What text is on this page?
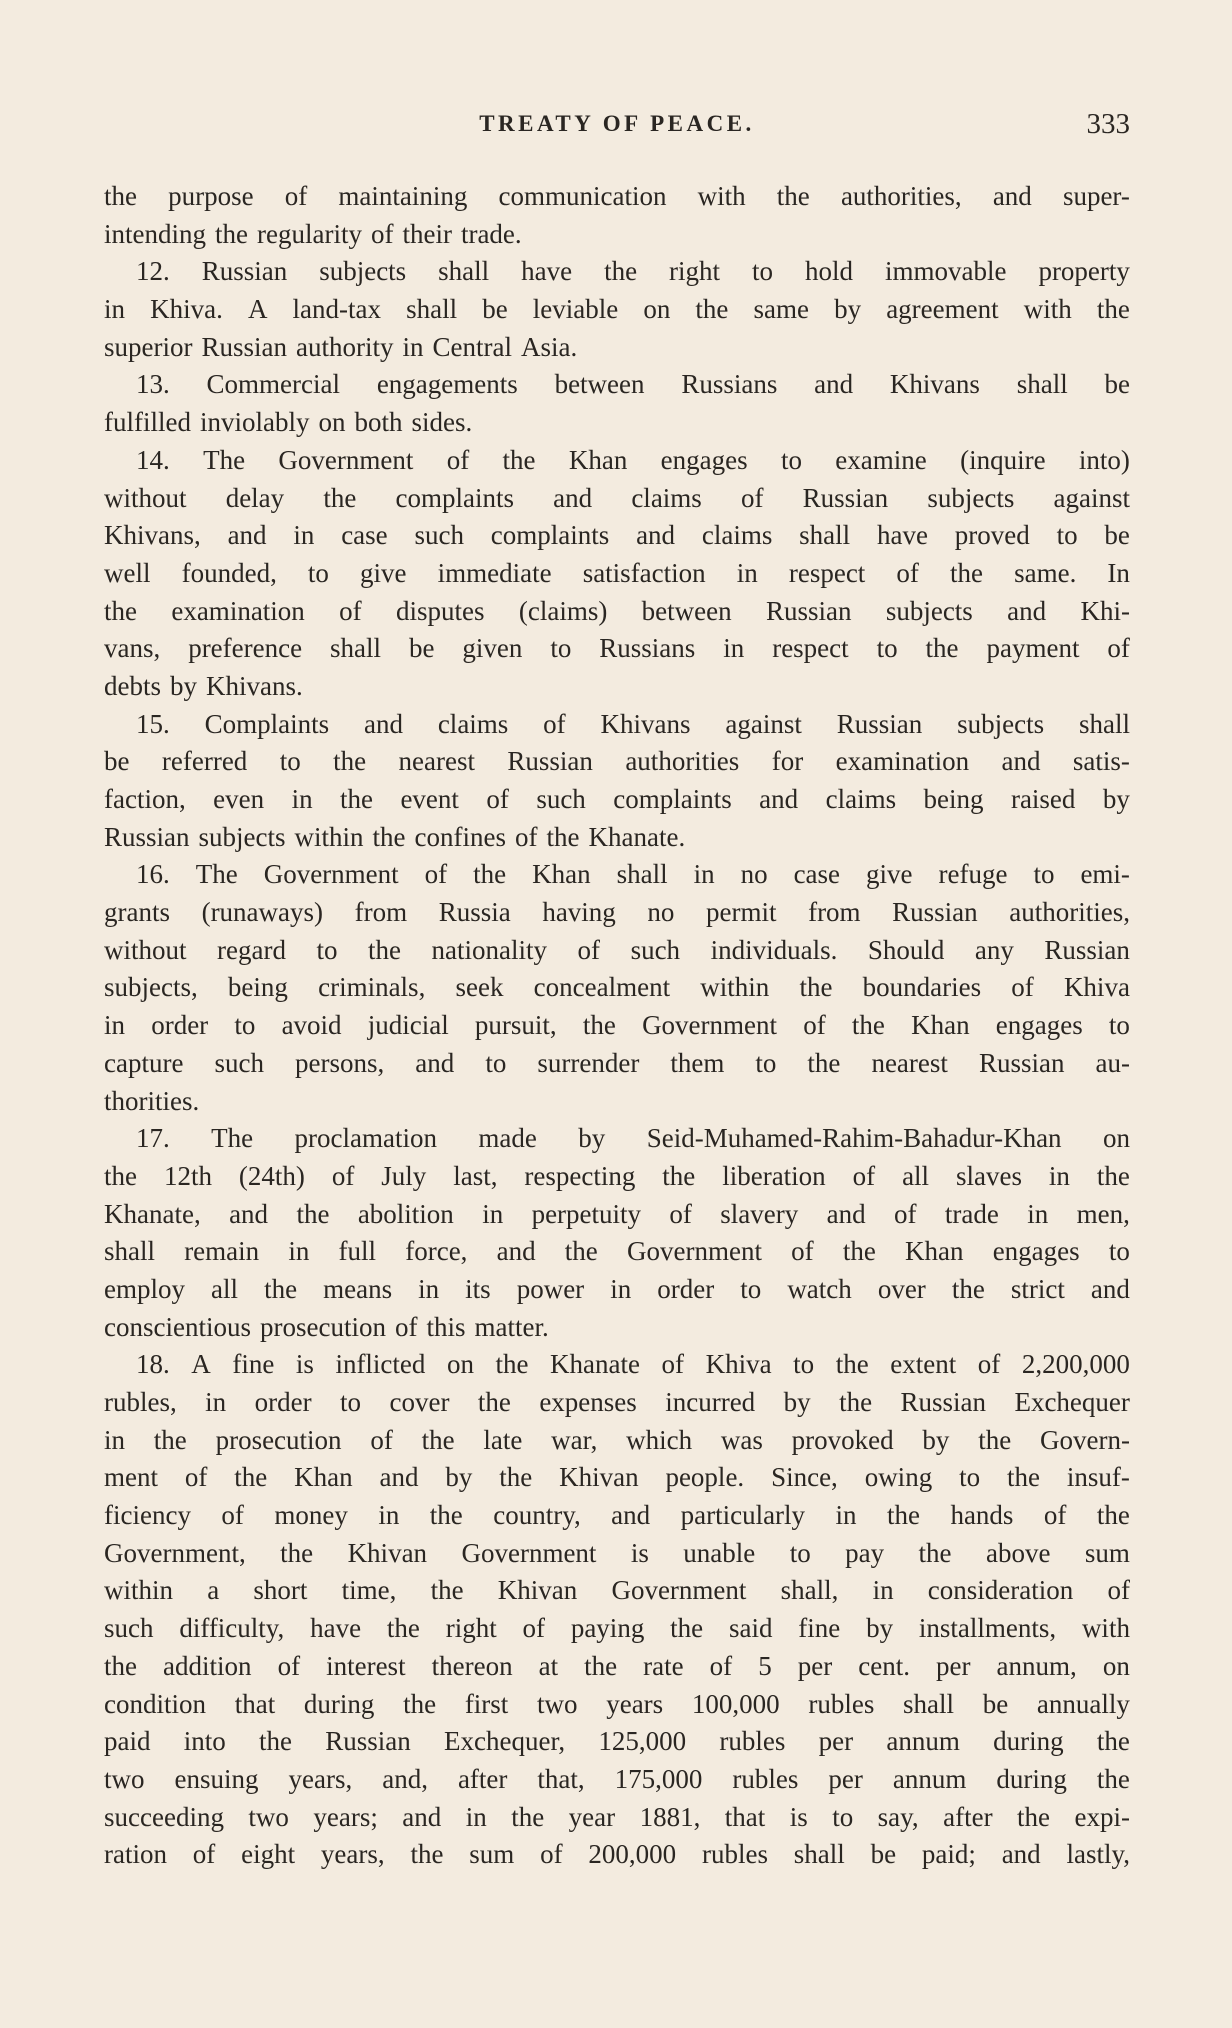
TREATY OF PEACE.	333
the purpose of maintaining communication with the authorities, and super-
intending the regularity of their trade.
12. Russian subjects shall have the right to hold immovable property
in Khiva. A land-tax shall be leviable on the same by agreement with the
superior Russian authority in Central Asia.
13. Commercial engagements between Russians and Khivans shall be
fulfilled inviolably on both sides.
14. The Government of the Khan engages to examine (inquire into)
without delay the complaints and claims of Russian subjects against
Khivans, and in case such complaints and claims shall have proved to be
well founded, to give immediate satisfaction in respect of the same. In
the examination of disputes (claims) between Russian subjects and Khi-
vans, preference shall be given to Russians in respect to the payment of
debts by Khivans.
15. Complaints and claims of Khivans against Russian subjects shall
be referred to the nearest Russian authorities for examination and satis-
faction, even in the event of such complaints and claims being raised by
Russian subjects within the confines of the Khanate.
16. The Government of the Khan shall in no case give refuge to emi-
grants (runaways) from Russia having no permit from Russian authorities,
without regard to the nationality of such individuals. Should any Russian
subjects, being criminals, seek concealment within the boundaries of Khiva
in order to avoid judicial pursuit, the Government of the Khan engages to
capture such persons, and to surrender them to the nearest Russian au-
thorities.
17. The proclamation made by Seid-Muhamed-Rahim-Bahadur-Khan on
the 12th (24th) of July last, respecting the liberation of all slaves in the
Khanate, and the abolition in perpetuity of slavery and of trade in men,
shall remain in full force, and the Government of the Khan engages to
employ all the means in its power in order to watch over the strict and
conscientious prosecution of this matter.
18. A fine is inflicted on the Khanate of Khiva to the extent of 2,200,000
rubles, in order to cover the expenses incurred by the Russian Exchequer
in the prosecution of the late war, which was provoked by the Govern-
ment of the Khan and by the Khivan people. Since, owing to the insuf-
ficiency of money in the country, and particularly in the hands of the
Government, the Khivan Government is unable to pay the above sum
within a short time, the Khivan Government shall, in consideration of
such difficulty, have the right of paying the said fine by installments, with
the addition of interest thereon at the rate of 5 per cent. per annum, on
condition that during the first two years 100,000 rubles shall be annually
paid into the Russian Exchequer, 125,000 rubles per annum during the
two ensuing years, and, after that, 175,000 rubles per annum during the
succeeding two years; and in the year 1881, that is to say, after the expi-
ration of eight years, the sum of 200,000 rubles shall be paid; and lastly,
